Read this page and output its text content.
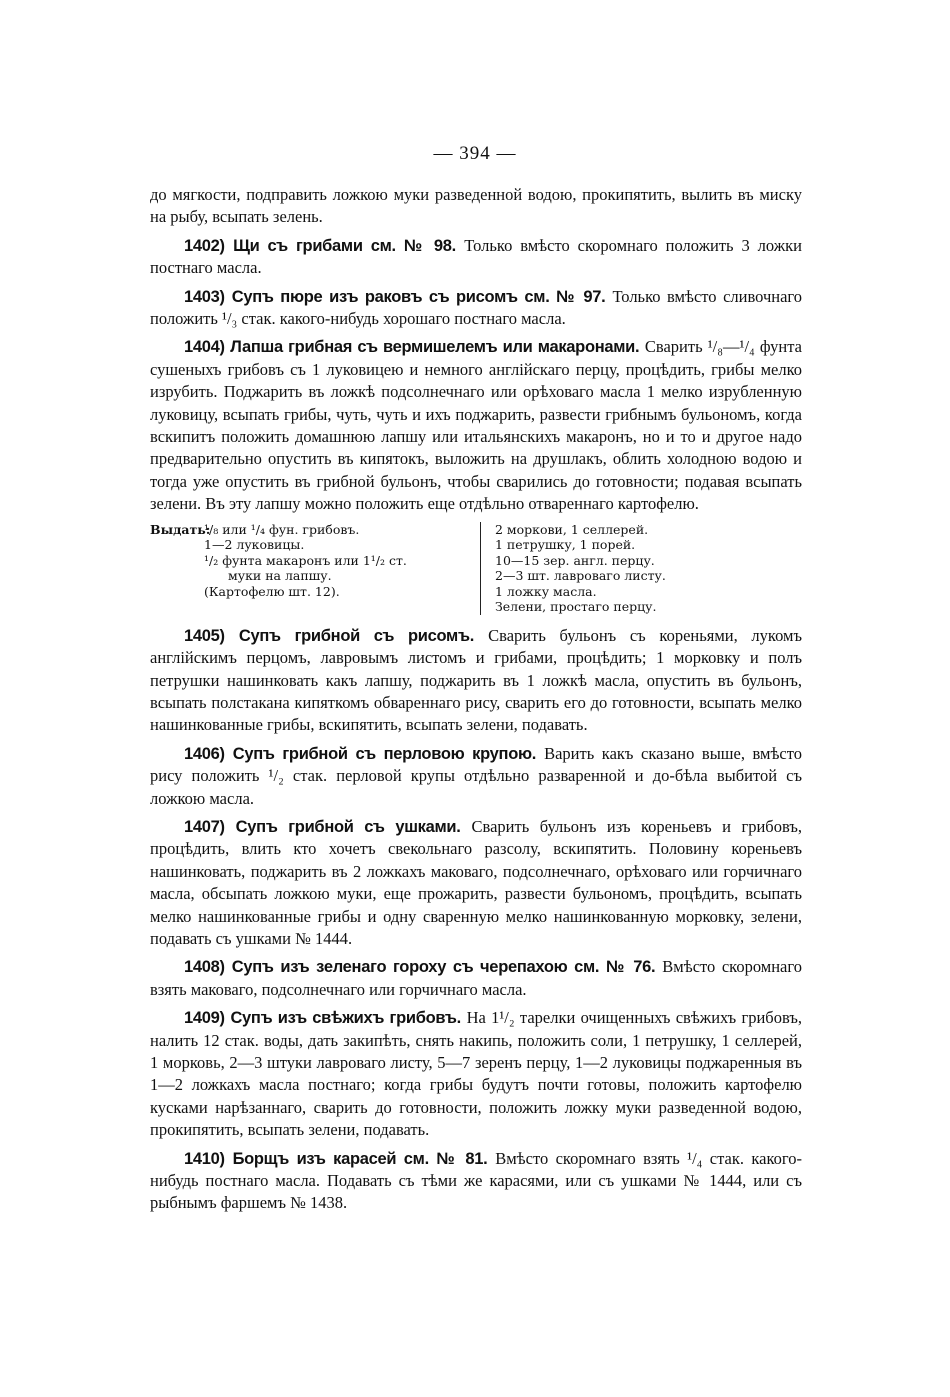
— 394 —

до мягкости, подправить ложкою муки разведенной водою, прокипятить, вылить въ миску на рыбу, всыпать зелень.

1402) Щи съ грибами см. № 98. Только вмѣсто скоромнаго положить 3 ложки постнаго масла.

1403) Супъ пюре изъ раковъ съ рисомъ см. № 97. Только вмѣсто сливочнаго положить ¹/₃ стак. какого-нибудь хорошаго постнаго масла.

1404) Лапша грибная съ вермишелемъ или макаронами. Сварить ¹/₈—¹/₄ фунта сушеныхъ грибовъ съ 1 луковицею и немного англійскаго перцу, процѣдить, грибы мелко изрубить. Поджарить въ ложкѣ подсолнечнаго или орѣховаго масла 1 мелко изрубленную луковицу, всыпать грибы, чуть, чуть и ихъ поджарить, развести грибнымъ бульономъ, когда вскипитъ положить домашнюю лапшу или итальянскихъ макаронъ, но и то и другое надо предварительно опустить въ кипятокъ, выложить на друшлакъ, облить холодною водою и тогда уже опустить въ грибной бульонъ, чтобы сварились до готовности; подавая всыпать зелени. Въ эту лапшу можно положить еще отдѣльно отвареннаго картофелю.

Выдать:
¹/₈ или ¹/₄ фун. грибовъ.
1—2 луковицы.
¹/₂ фунта макаронъ или 1¹/₂ ст.
муки на лапшу.
(Картофелю шт. 12).
2 моркови, 1 селлерей.
1 петрушку, 1 порей.
10—15 зер. англ. перцу.
2—3 шт. лавроваго листу.
1 ложку масла.
Зелени, простаго перцу.

1405) Супъ грибной съ рисомъ. Сварить бульонъ съ кореньями, лукомъ англійскимъ перцомъ, лавровымъ листомъ и грибами, процѣдить; 1 морковку и полъ петрушки нашинковать какъ лапшу, поджарить въ 1 ложкѣ масла, опустить въ бульонъ, всыпать полстакана кипяткомъ обвареннаго рису, сварить его до готовности, всыпать мелко нашинкованные грибы, вскипятить, всыпать зелени, подавать.

1406) Супъ грибной съ перловою крупою. Варить какъ сказано выше, вмѣсто рису положить ¹/₂ стак. перловой крупы отдѣльно разваренной и до-бѣла выбитой съ ложкою масла.

1407) Супъ грибной съ ушками. Сварить бульонъ изъ кореньевъ и грибовъ, процѣдить, влить кто хочетъ свекольнаго разсолу, вскипятить. Половину кореньевъ нашинковать, поджарить въ 2 ложкахъ маковаго, подсолнечнаго, орѣховаго или горчичнаго масла, обсыпать ложкою муки, еще прожарить, развести бульономъ, процѣдить, всыпать мелко нашинкованные грибы и одну сваренную мелко нашинкованную морковку, зелени, подавать съ ушками № 1444.

1408) Супъ изъ зеленаго гороху съ черепахою см. № 76. Вмѣсто скоромнаго взять маковаго, подсолнечнаго или горчичнаго масла.

1409) Супъ изъ свѣжихъ грибовъ. На 1¹/₂ тарелки очищенныхъ свѣжихъ грибовъ, налить 12 стак. воды, дать закипѣть, снять накипь, положить соли, 1 петрушку, 1 селлерей, 1 морковь, 2—3 штуки лавроваго листу, 5—7 зеренъ перцу, 1—2 луковицы поджаренныя въ 1—2 ложкахъ масла постнаго; когда грибы будутъ почти готовы, положить картофелю кусками нарѣзаннаго, сварить до готовности, положить ложку муки разведенной водою, прокипятить, всыпать зелени, подавать.

1410) Борщъ изъ карасей см. № 81. Вмѣсто скоромнаго взять ¹/₄ стак. какого-нибудь постнаго масла. Подавать съ тѣми же карасями, или съ ушками № 1444, или съ рыбнымъ фаршемъ № 1438.
